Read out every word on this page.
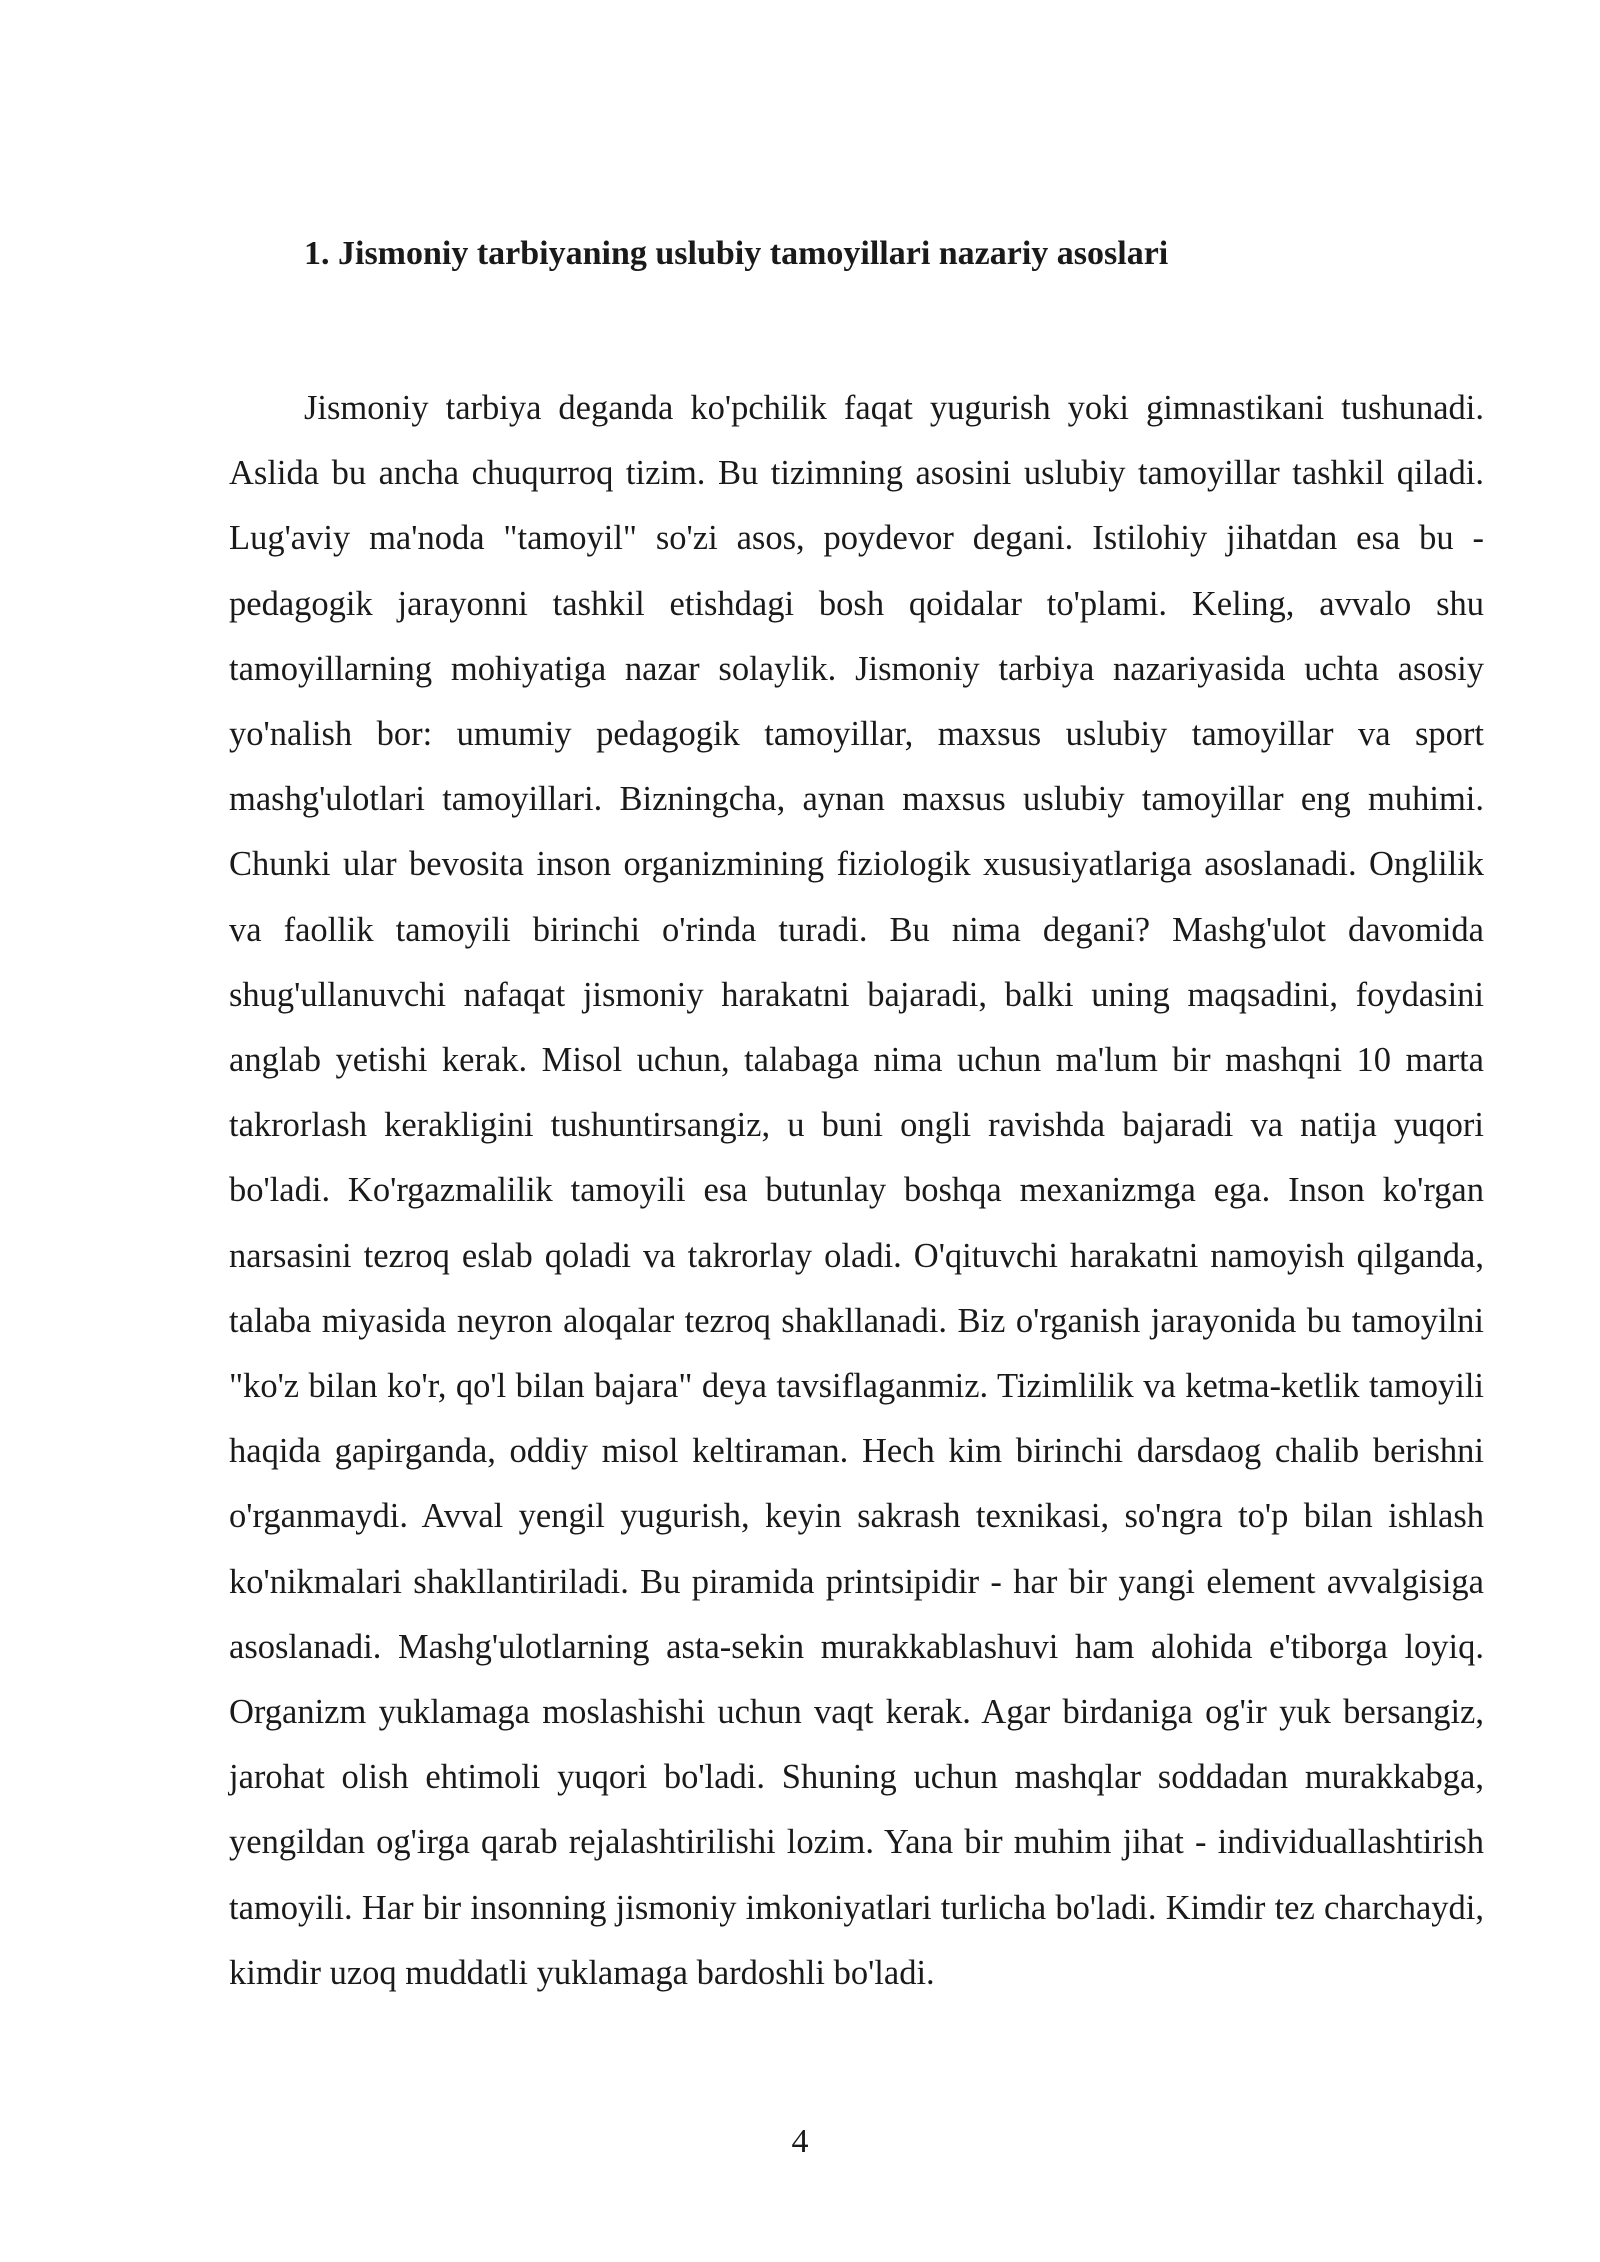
1. Jismoniy tarbiyaning uslubiy tamoyillari nazariy asoslari

Jismoniy tarbiya deganda ko'pchilik faqat yugurish yoki gimnastikani tushunadi. Aslida bu ancha chuqurroq tizim. Bu tizimning asosini uslubiy tamoyillar tashkil qiladi. Lug'aviy ma'noda "tamoyil" so'zi asos, poydevor degani. Istilohiy jihatdan esa bu - pedagogik jarayonni tashkil etishdagi bosh qoidalar to'plami. Keling, avvalo shu tamoyillarning mohiyatiga nazar solaylik. Jismoniy tarbiya nazariyasida uchta asosiy yo'nalish bor: umumiy pedagogik tamoyillar, maxsus uslubiy tamoyillar va sport mashg'ulotlari tamoyillari. Bizningcha, aynan maxsus uslubiy tamoyillar eng muhimi. Chunki ular bevosita inson organizmining fiziologik xususiyatlariga asoslanadi. Onglilik va faollik tamoyili birinchi o'rinda turadi. Bu nima degani? Mashg'ulot davomida shug'ullanuvchi nafaqat jismoniy harakatni bajaradi, balki uning maqsadini, foydasini anglab yetishi kerak. Misol uchun, talabaga nima uchun ma'lum bir mashqni 10 marta takrorlash kerakligini tushuntirsangiz, u buni ongli ravishda bajaradi va natija yuqori bo'ladi. Ko'rgazmalilik tamoyili esa butunlay boshqa mexanizmga ega. Inson ko'rgan narsasini tezroq eslab qoladi va takrorlay oladi. O'qituvchi harakatni namoyish qilganda, talaba miyasida neyron aloqalar tezroq shakllanadi. Biz o'rganish jarayonida bu tamoyilni "ko'z bilan ko'r, qo'l bilan bajara" deya tavsiflaganmiz. Tizimlilik va ketma-ketlik tamoyili haqida gapirganda, oddiy misol keltiraman. Hech kim birinchi darsdaog chalib berishni o'rganmaydi. Avval yengil yugurish, keyin sakrash texnikasi, so'ngra to'p bilan ishlash ko'nikmalari shakllantiriladi. Bu piramida printsipidir - har bir yangi element avvalgisiga asoslanadi. Mashg'ulotlarning asta-sekin murakkablashuvi ham alohida e'tiborga loyiq. Organizm yuklamaga moslashishi uchun vaqt kerak. Agar birdaniga og'ir yuk bersangiz, jarohat olish ehtimoli yuqori bo'ladi. Shuning uchun mashqlar soddadan murakkabga, yengildan og'irga qarab rejalashtirilishi lozim. Yana bir muhim jihat - individuallashtirish tamoyili. Har bir insonning jismoniy imkoniyatlari turlicha bo'ladi. Kimdir tez charchaydi, kimdir uzoq muddatli yuklamaga bardoshli bo'ladi.

4
